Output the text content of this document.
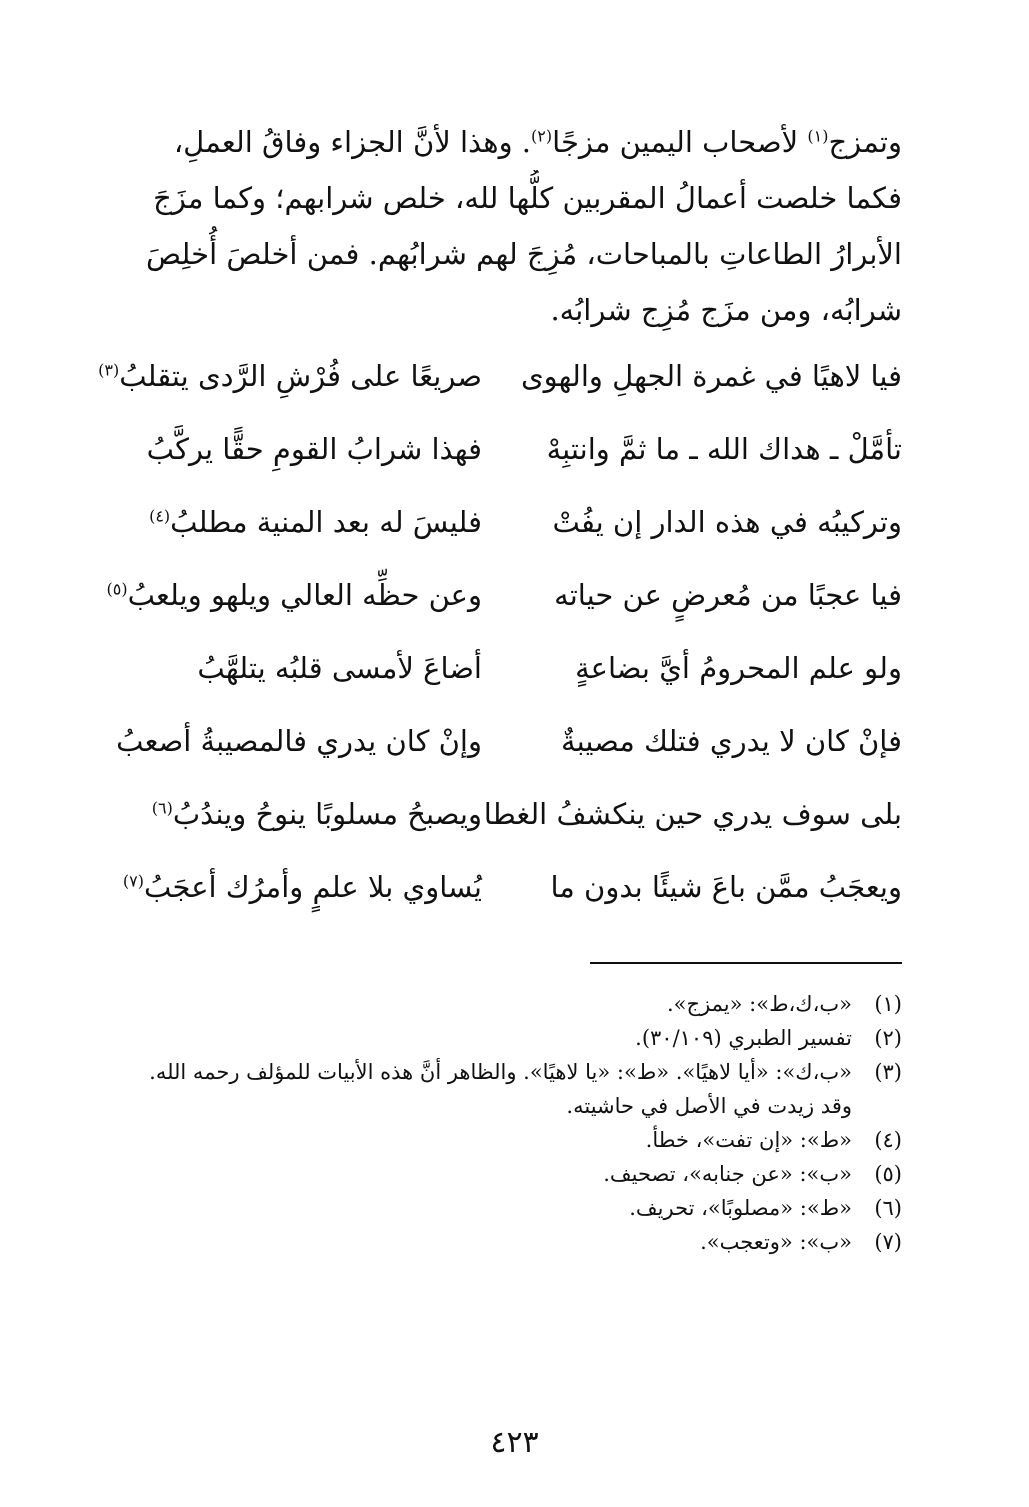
وتمزج$^{(١)}$ لأصحاب اليمين مزجًا$^{(٢)}$. وهذا لأنَّ الجزاء وفاقُ العملِ،
فكما خلصت أعمالُ المقربين كلُّها لله، خلص شرابهم؛ وكما مزَجَ
الأبرارُ الطاعاتِ بالمباحات، مُزِجَ لهم شرابُهم. فمن أخلصَ أُخلِصَ
شرابُه، ومن مزَج مُزِج شرابُه.
فيا لاهيًا في غمرة الجهلِ والهوى
صريعًا على فُرْشِ الرَّدى يتقلبُ$^{(٣)}$
تأمَّلْ ـ هداك الله ـ ما ثمَّ وانتبِهْ
فهذا شرابُ القومِ حقًّا يركَّبُ
وتركيبُه في هذه الدار إن يفُتْ
فليسَ له بعد المنية مطلبُ$^{(٤)}$
فيا عجبًا من مُعرضٍ عن حياته
وعن حظِّه العالي ويلهو ويلعبُ$^{(٥)}$
ولو علم المحرومُ أيَّ بضاعةٍ
أضاعَ لأمسى قلبُه يتلهَّبُ
فإنْ كان لا يدري فتلك مصيبةٌ
وإنْ كان يدري فالمصيبةُ أصعبُ
بلى سوف يدري حين ينكشفُ الغطا
ويصبحُ مسلوبًا ينوحُ ويندُبُ$^{(٦)}$
ويعجَبُ ممَّن باعَ شيئًا بدون ما
يُساوي بلا علمٍ وأمرُك أعجَبُ$^{(٧)}$
(١)
«ب،ك،ط»: «يمزج».
(٢)
تفسير الطبري (٣٠/١٠٩).
(٣)
«ب،ك»: «أيا لاهيًا». «ط»: «يا لاهيًا». والظاهر أنَّ هذه الأبيات للمؤلف رحمه الله. وقد زيدت في الأصل في حاشيته.
(٤)
«ط»: «إن تفت»، خطأ.
(٥)
«ب»: «عن جنابه»، تصحيف.
(٦)
«ط»: «مصلوبًا»، تحريف.
(٧)
«ب»: «وتعجب».
٤٢٣
